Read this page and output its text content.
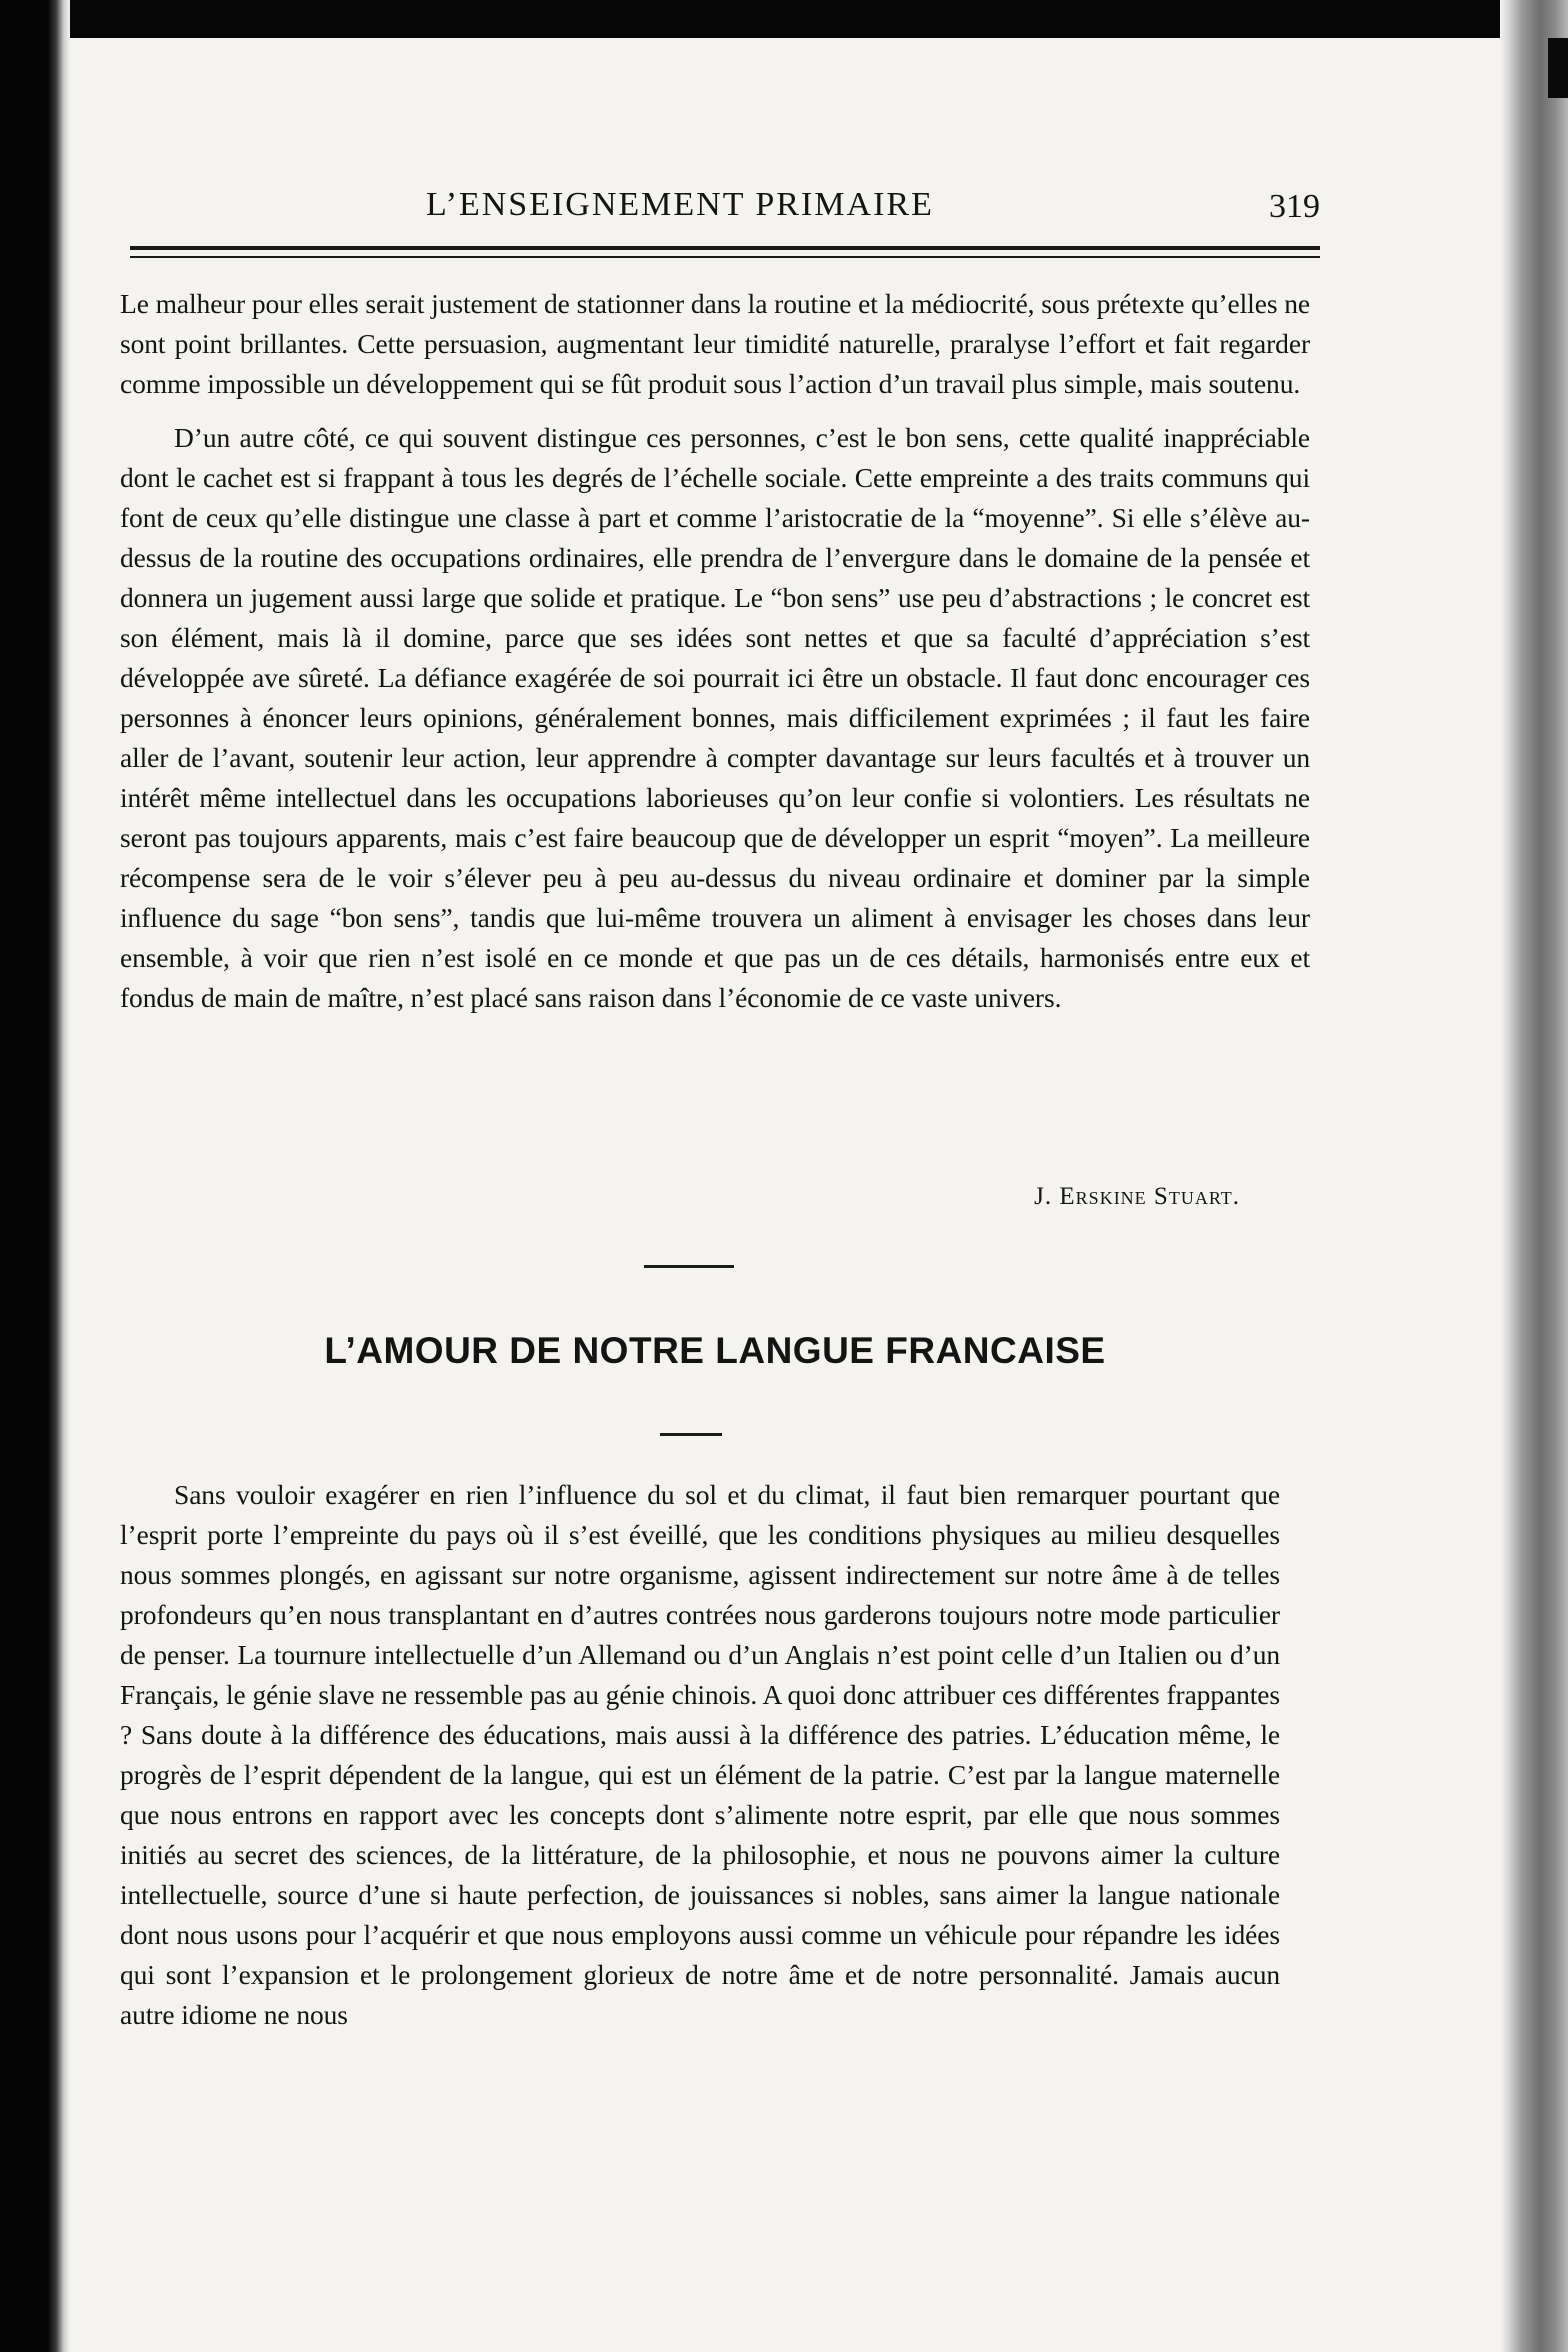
L’ENSEIGNEMENT PRIMAIRE	319

Le malheur pour elles serait justement de stationner dans la routine et la médiocrité, sous prétexte qu’elles ne sont point brillantes. Cette persuasion, augmentant leur timidité naturelle, praralyse l’effort et fait regarder comme impossible un développement qui se fût produit sous l’action d’un travail plus simple, mais soutenu.

D’un autre côté, ce qui souvent distingue ces personnes, c’est le bon sens, cette qualité inappréciable dont le cachet est si frappant à tous les degrés de l’échelle sociale. Cette empreinte a des traits communs qui font de ceux qu’elle distingue une classe à part et comme l’aristocratie de la “moyenne”. Si elle s’élève au-dessus de la routine des occupations ordinaires, elle prendra de l’envergure dans le domaine de la pensée et donnera un jugement aussi large que solide et pratique. Le “bon sens” use peu d’abstractions ; le concret est son élément, mais là il domine, parce que ses idées sont nettes et que sa faculté d’appréciation s’est développée ave sûreté. La défiance exagérée de soi pourrait ici être un obstacle. Il faut donc encourager ces personnes à énoncer leurs opinions, généralement bonnes, mais difficilement exprimées ; il faut les faire aller de l’avant, soutenir leur action, leur apprendre à compter davantage sur leurs facultés et à trouver un intérêt même intellectuel dans les occupations laborieuses qu’on leur confie si volontiers. Les résultats ne seront pas toujours apparents, mais c’est faire beaucoup que de développer un esprit “moyen”. La meilleure récompense sera de le voir s’élever peu à peu au-dessus du niveau ordinaire et dominer par la simple influence du sage “bon sens”, tandis que lui-même trouvera un aliment à envisager les choses dans leur ensemble, à voir que rien n’est isolé en ce monde et que pas un de ces détails, harmonisés entre eux et fondus de main de maître, n’est placé sans raison dans l’économie de ce vaste univers.

J. Erskine Stuart.
L’AMOUR DE NOTRE LANGUE FRANCAISE

Sans vouloir exagérer en rien l’influence du sol et du climat, il faut bien remarquer pourtant que l’esprit porte l’empreinte du pays où il s’est éveillé, que les conditions physiques au milieu desquelles nous sommes plongés, en agissant sur notre organisme, agissent indirectement sur notre âme à de telles profondeurs qu’en nous transplantant en d’autres contrées nous garderons toujours notre mode particulier de penser. La tournure intellectuelle d’un Allemand ou d’un Anglais n’est point celle d’un Italien ou d’un Français, le génie slave ne ressemble pas au génie chinois. A quoi donc attribuer ces différentes frappantes ? Sans doute à la différence des éducations, mais aussi à la différence des patries. L’éducation même, le progrès de l’esprit dépendent de la langue, qui est un élément de la patrie. C’est par la langue maternelle que nous entrons en rapport avec les concepts dont s’alimente notre esprit, par elle que nous sommes initiés au secret des sciences, de la littérature, de la philosophie, et nous ne pouvons aimer la culture intellectuelle, source d’une si haute perfection, de jouissances si nobles, sans aimer la langue nationale dont nous usons pour l’acquérir et que nous employons aussi comme un véhicule pour répandre les idées qui sont l’expansion et le prolongement glorieux de notre âme et de notre personnalité. Jamais aucun autre idiome ne nous
